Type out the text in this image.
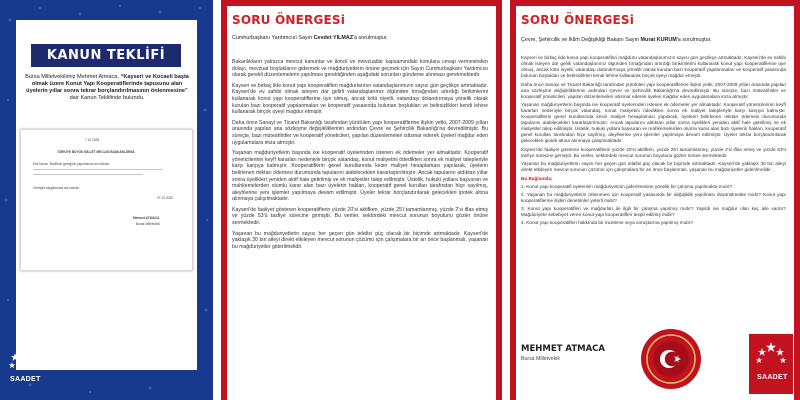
KANUN TEKLİFİ
Bursa Milletvekilimiz Mehmet Atmaca, “Kayseri ve Kocaeli başta olmak üzere Konut Yapı Kooperatiflerinde tapusunu alan üyelerin yıllar sonra tekrar borçlandırılmasının önlenmesine” dair Kanun Teklifinde bulundu.
7.10.2025
TÜRKİYE BÜYÜK MİLLET MECLİSİ BAŞKANLIĞINA
Ekli Kanun Teklifimin gereğinin yapılmasını arz ederim.
Gereğini saygılarımla arz ederim.
07.10.2025
Mehmet ATMACA
Bursa Milletvekili
SAADET
SORU ÖNERGESi
Cumhurbaşkanı Yardımcısı Sayın Cevdet YILMAZ'a sorulmuştur.

Bakanlıkların yalnızca mevcut kanunlar ve ikincil ve mevzuatlar kapsamındaki konulara cevap vermesinden dolayı, mevzuat boşluklarını gidermek ve mağduriyetlerin önüne geçmek için Sayın Cumhurbaşkanı Yardımcısı olarak gerekli düzenlemelerin yapılması gerektiğinden aşağıdaki sorunları gündeme alınması gerekmektedir.

Kayseri ve birkaç ilde konut yapı kooperatifleri mağdurlarının vatandaşlarımızın sayısı gün geçtikçe artmaktadır. Kayseri'de ev sahibi olmak isteyen dar gelirli vatandaşlarımız ölgünden tırnağından artırdığı birikimlerini kullanarak konut yapı kooperatiflerine üye olmuş, ancak kötü niyetli, vatandaşı dolandırmaya yönelik olarak kurulan bazı kooperatif yapılanmaları ve kooperatif yasasında bulunan boşlukları ve belirsizlikleri kendi lehine kullanarak birçok üyeyi mağdur etmiştir.

Daha önce Sanayi ve Ticaret Bakanlığı tarafından yürütülen yapı kooperatiflerine ilişkin yetki, 2007-2009 yılları arasında yapılan ana sözleşme değişikliklerinin ardından Çevre ve Şehircilik Bakanlığı'na devredilmiştir. Bu süreçte, bazı müteahhitler ve kooperatif yöneticileri, yapılan düzenlemeleri istismar ederek üyeleri mağdur eden uygulamalara imza atmıştır.

Yaşanan mağduriyetlerin başında ise kooperatif üyelerinden istenen ek ödemeler yer almaktadır. Kooperatif yöneticilerinin keyfî kararları nedeniyle birçok vatandaş, konut maliyetini ödedikten sonra ek maliyet talepleriyle karşı karşıya kalmıştır. Kooperatiflerin genel kurullarında kesin maliyet hesaplaması yapılarak, üyelerin belirlenen miktarı ödemesi durumunda tapularını alabilecekleri kararlaştırılmıştır. Ancak tapularını aldıktan yıllar sonra üyelikleri yeniden aktif hale getirilmiş ve ek maliyetler talep edilmiştir. Üstelik, hukuki yollara başvuran ve mahkemelerden olumlu karar alan bazı üyelerin hakları, kooperatif genel kurulları tarafından hiçe sayılmış, aleyhlerine yeni işlemler yapılmaya devam edilmiştir. Üyeler tekrar borçlandırılarak gelecekleri ipotek altına alınmaya çalışılmaktadır.

Kayseri'de faaliyet gösteren kooperatiflerin yüzde 20'si aktifken, yüzde 25'i tamamlanmış, yüzde 2'si iflas etmiş ve yüzde 53'ü tasfiye sürecine girmiştir. Bu veriler, sektördeki mevcut sorunun boyutunu gözler önüne sermektedir.

Yaşanan bu mağduriyetlerin sayısı her geçen gün telafisi güç olacak bir biçimde artmaktadır. Kayseri'de yaklaşık 30 bin aileyi direkt etkileyen mevcut sorunun çözümü için çalışmalara bir an önce başlanmalı, yaşanan bu mağduriyetler giderilmelidir.

SORU ÖNERGESi
Çevre, Şehircilik ve İklim Değişikliği Bakanı Sayın Murat KURUM'a sorulmuştur.

Kayseri ve birkaç ilde konut yapı kooperatifleri mağduru vatandaşlarımızın sayısı gün geçtikçe artmaktadır. Kayseri'de ev sahibi olmak isteyen dar gelirli vatandaşlarımız ölgünden tırnağından artırdığı birikimlerini kullanarak konut yapı kooperatiflerine üye olmuş, ancak kötü niyetli, vatandaşı dolandırmaya yönelik olarak kurulan bazı kooperatif yapılanmaları ve kooperatif yasasında bulunan boşlukları ve belirsizlikleri kendi lehine kullanarak birçok üyeyi mağdur etmiştir.

Daha önce Sanayi ve Ticaret Bakanlığı tarafından yürütülen yapı kooperatiflerine ilişkin yetki, 2007-2009 yılları arasında yapılan ana sözleşme değişikliklerinin ardından Çevre ve Şehircilik Bakanlığı'na devredilmiştir. Bu süreçte, bazı müteahhitler ve kooperatif yöneticileri, yapılan düzenlemeleri istismar ederek üyeleri mağdur eden uygulamalara imza atmıştır.

Yaşanan mağduriyetlerin başında ise kooperatif üyelerinden istenen ek ödemeler yer almaktadır. Kooperatif yöneticilerinin keyfî kararları nedeniyle birçok vatandaş, konut maliyetini ödedikten sonra ek maliyet talepleriyle karşı karşıya kalmıştır. Kooperatiflerin genel kurullarında kesin maliyet hesaplaması yapılarak, üyelerin belirlenen miktarı ödemesi durumunda tapularını alabilecekleri kararlaştırılmıştır. Ancak tapularını aldıktan yıllar sonra üyelikleri yeniden aktif hale getirilmiş ve ek maliyetler talep edilmiştir. Üstelik, hukuki yollara başvuran ve mahkemelerden olumlu karar alan bazı üyelerin hakları, kooperatif genel kurulları tarafından hiçe sayılmış, aleyhlerine yeni işlemler yapılmaya devam edilmiştir. Üyeler tekrar borçlandırılarak gelecekleri ipotek altına alınmaya çalışılmaktadır.

Kayseri'de faaliyet gösteren kooperatiflerin yüzde 20'si aktifken, yüzde 25'i tamamlanmış, yüzde 2'si iflas etmiş ve yüzde 53'ü tasfiye sürecine girmiştir. Bu veriler, sektördeki mevcut sorunun boyutunu gözler önüne sermektedir.

Yaşanan bu mağduriyetlerin sayısı her geçen gün telafisi güç olacak bir biçimde artmaktadır. Kayseri'de yaklaşık 30 bin aileyi direkt etkileyen mevcut sorunun çözümü için çalışmalara bir an önce başlanmalı, yaşanan bu mağduriyetler giderilmelidir.

Bu Bağlamda;

1. Konut yapı kooperatifi üyelerinin mağduriyetinin giderilmesine yönelik bir çalışma yapılmakta mıdır?
2. Yaşanan bu mağduriyetlerin önlenmesi için kooperatif yasasında bir değişiklik yapılması düşünülmekte midir? Konut yapı kooperatiflerine ilişkin denetimler yeterli midir?
3. Konut yapı kooperatifleri ve mağdurları ile ilgili bir çalışma yapılmış mıdır? Yapıldı ise mağdur olan kaç aile vardır? Mağduriyete sebebiyet veren konut yapı kooperatifleri tespit edilmiş midir?
4. Konut yapı kooperatifleri hakkında bir inceleme veya soruşturma yapılmış mıdır?
MEHMET ATMACA
Bursa Milletvekili
SAADET
